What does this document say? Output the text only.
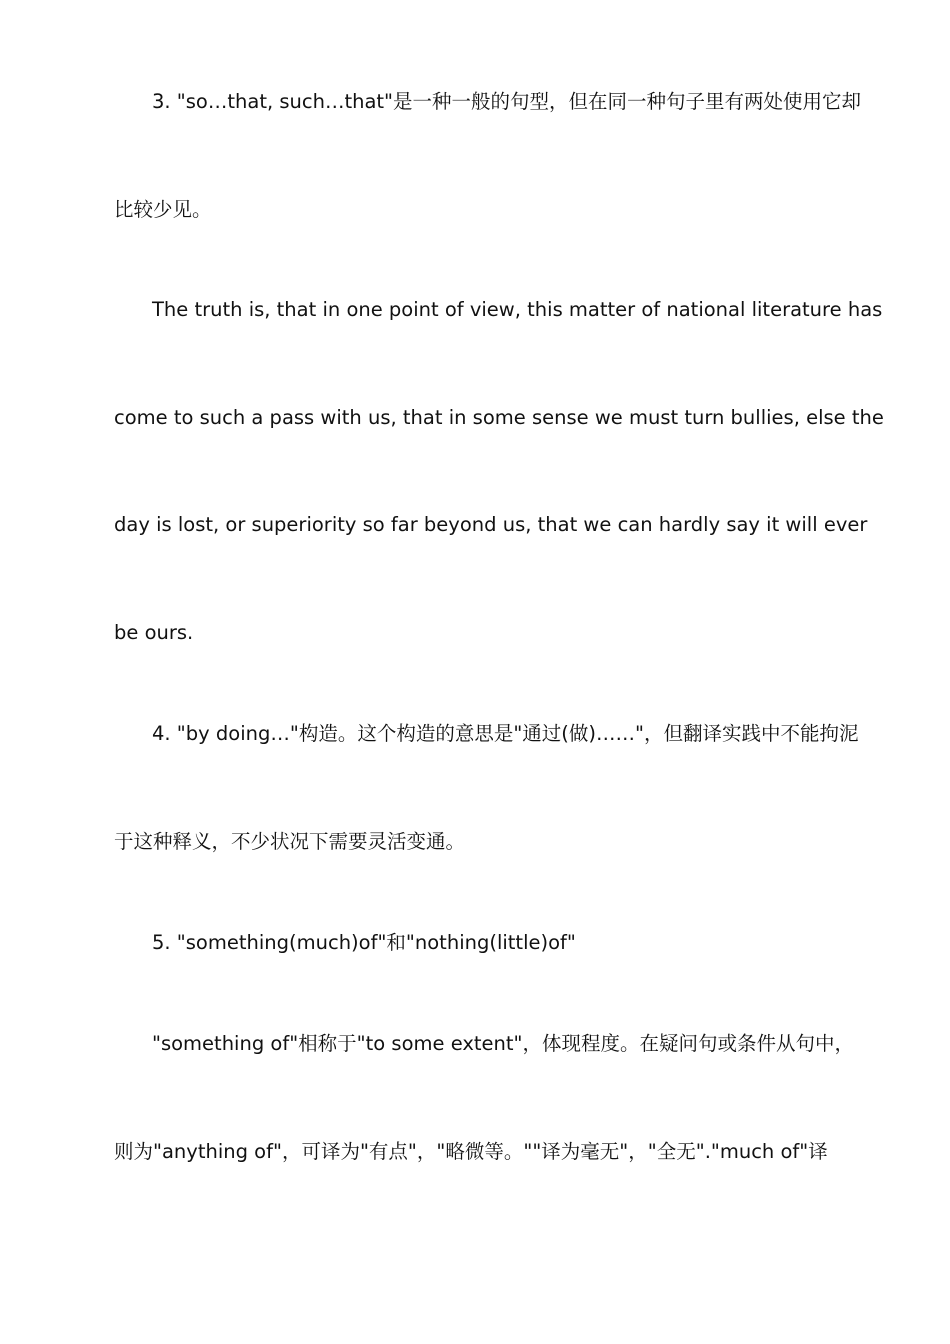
3. "so…that, such…that"是一种一般的句型，但在同一种句子里有两处使用它却
比较少见。
The truth is, that in one point of view, this matter of national literature has
come to such a pass with us, that in some sense we must turn bullies, else the
day is lost, or superiority so far beyond us, that we can hardly say it will ever
be ours.
4. "by doing…"构造。这个构造的意思是"通过(做)……"，但翻译实践中不能拘泥
于这种释义，不少状况下需要灵活变通。
5. "something(much)of"和"nothing(little)of"
"something of"相称于"to some extent"，体现程度。在疑问句或条件从句中，
则为"anything of"，可译为"有点"，"略微等。""译为毫无"，"全无"."much of"译
